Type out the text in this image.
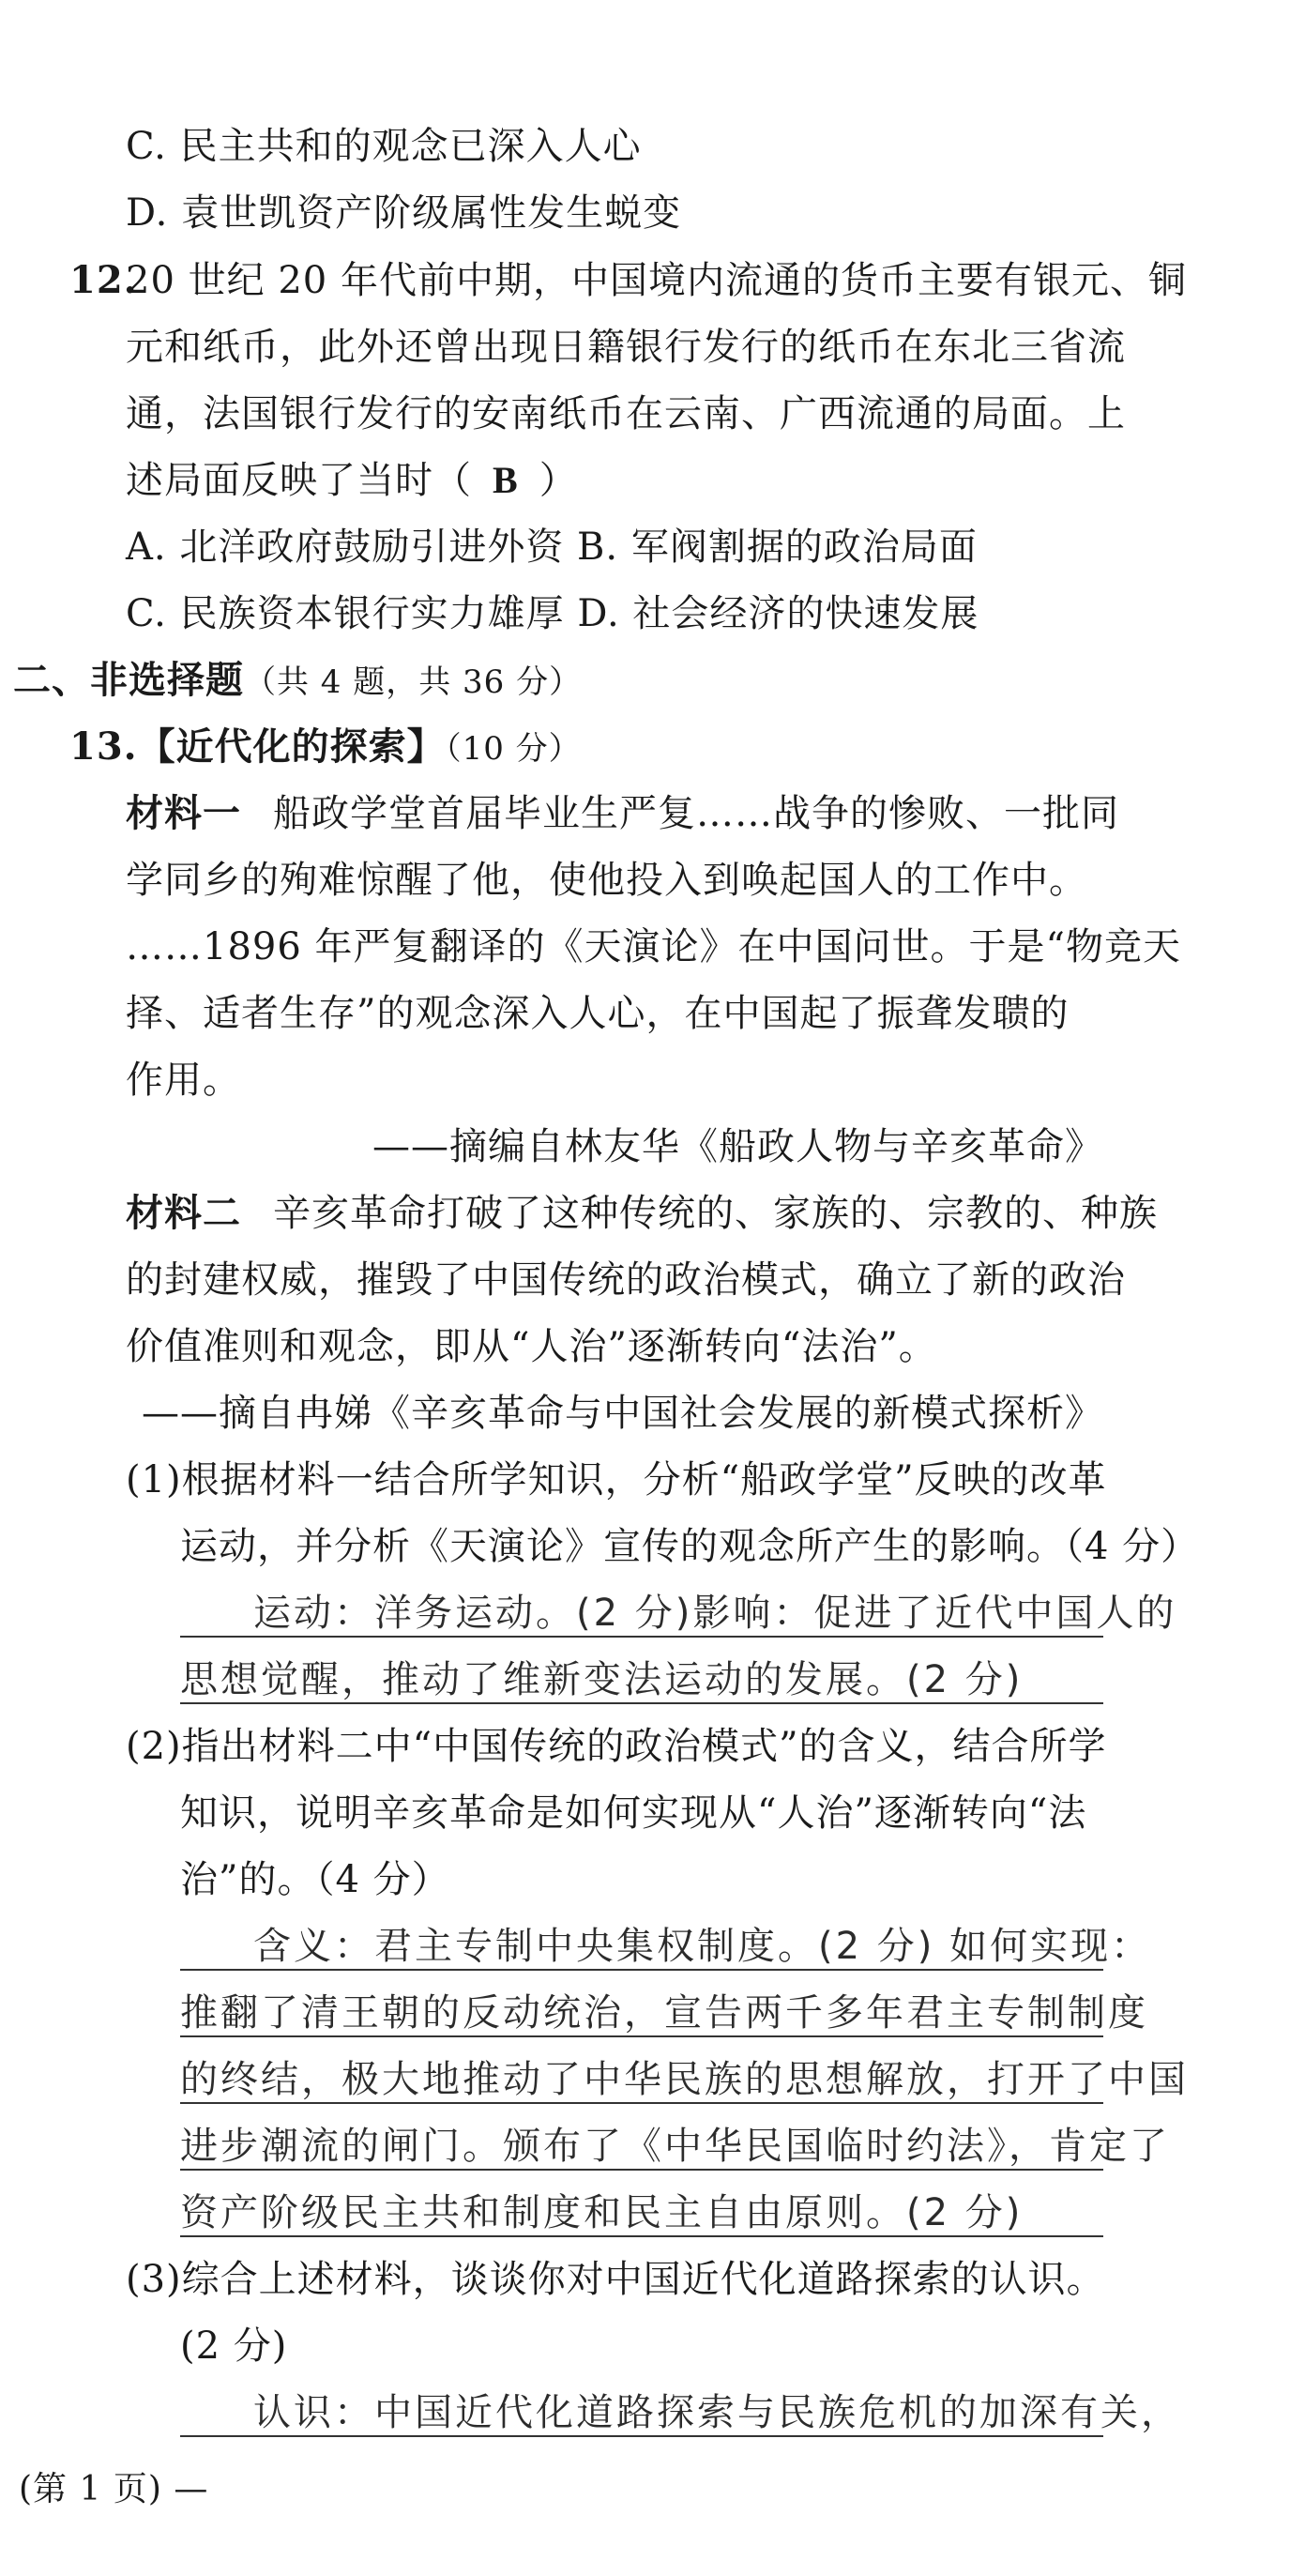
C. 民主共和的观念已深入人心
D. 袁世凯资产阶级属性发生蜕变
12.
20 世纪 20 年代前中期，中国境内流通的货币主要有银元、铜
元和纸币，此外还曾出现日籍银行发行的纸币在东北三省流
通，法国银行发行的安南纸币在云南、广西流通的局面。上
述局面反映了当时（ B ）
A. 北洋政府鼓励引进外资 B. 军阀割据的政治局面
C. 民族资本银行实力雄厚 D. 社会经济的快速发展
二、非选择题（共 4 题，共 36 分）
13.【近代化的探索】（10 分）
材料一 船政学堂首届毕业生严复……战争的惨败、一批同
学同乡的殉难惊醒了他，使他投入到唤起国人的工作中。
……1896 年严复翻译的《天演论》在中国问世。于是“物竞天
择、适者生存”的观念深入人心，在中国起了振聋发聩的
作用。
——摘编自林友华《船政人物与辛亥革命》
材料二 辛亥革命打破了这种传统的、家族的、宗教的、种族
的封建权威，摧毁了中国传统的政治模式，确立了新的政治
价值准则和观念，即从“人治”逐渐转向“法治”。
——摘自冉娣《辛亥革命与中国社会发展的新模式探析》
(1)根据材料一结合所学知识，分析“船政学堂”反映的改革
运动，并分析《天演论》宣传的观念所产生的影响。（4 分）
运动：洋务运动。(2 分)影响：促进了近代中国人的
思想觉醒，推动了维新变法运动的发展。(2 分)
(2)指出材料二中“中国传统的政治模式”的含义，结合所学
知识，说明辛亥革命是如何实现从“人治”逐渐转向“法
治”的。（4 分）
含义：君主专制中央集权制度。(2 分) 如何实现：
推翻了清王朝的反动统治，宣告两千多年君主专制制度
的终结，极大地推动了中华民族的思想解放，打开了中国
进步潮流的闸门。颁布了《中华民国临时约法》，肯定了
资产阶级民主共和制度和民主自由原则。(2 分)
(3)综合上述材料，谈谈你对中国近代化道路探索的认识。
(2 分)
认识：中国近代化道路探索与民族危机的加深有关，
(第 1 页) —
